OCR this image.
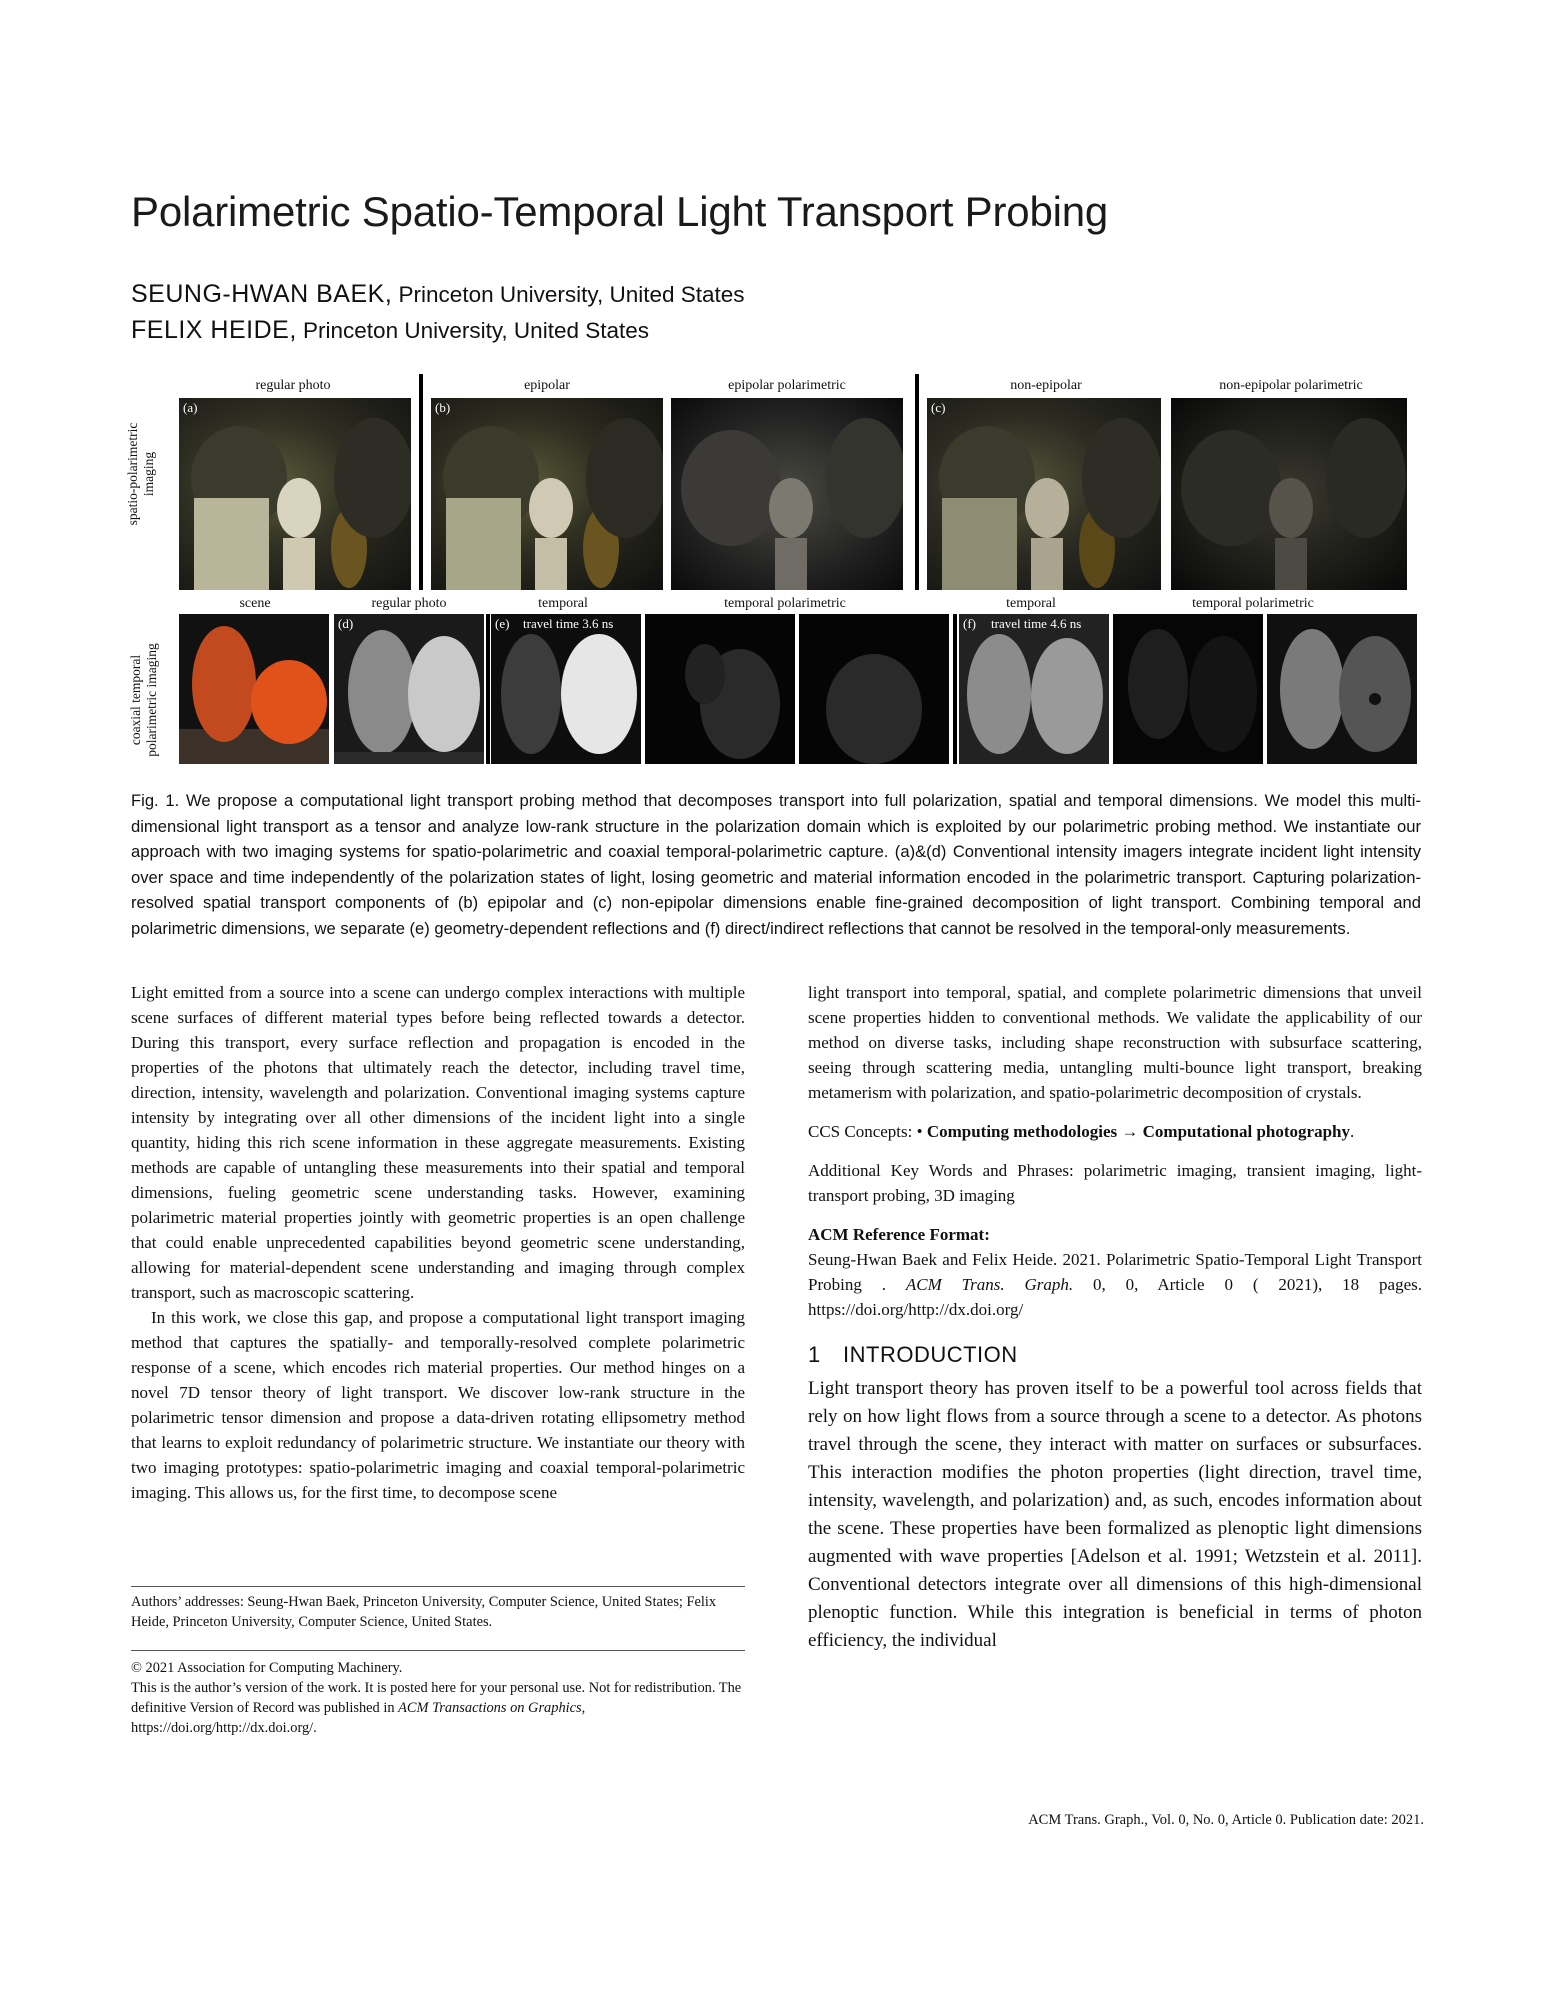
Polarimetric Spatio-Temporal Light Transport Probing
SEUNG-HWAN BAEK, Princeton University, United States
FELIX HEIDE, Princeton University, United States
spatio-polarimetric imaging
coaxial temporal polarimetric imaging
regular photo	epipolar	epipolar polarimetric	non-epipolar	non-epipolar polarimetric
(a)	(b)	(c)
scene	regular photo	temporal	temporal polarimetric	temporal	temporal polarimetric
(d)	(e) travel time 3.6 ns	(f) travel time 4.6 ns
Fig. 1. We propose a computational light transport probing method that decomposes transport into full polarization, spatial and temporal dimensions. We model this multi-dimensional light transport as a tensor and analyze low-rank structure in the polarization domain which is exploited by our polarimetric probing method. We instantiate our approach with two imaging systems for spatio-polarimetric and coaxial temporal-polarimetric capture. (a)&(d) Conventional intensity imagers integrate incident light intensity over space and time independently of the polarization states of light, losing geometric and material information encoded in the polarimetric transport. Capturing polarization-resolved spatial transport components of (b) epipolar and (c) non-epipolar dimensions enable fine-grained decomposition of light transport. Combining temporal and polarimetric dimensions, we separate (e) geometry-dependent reflections and (f) direct/indirect reflections that cannot be resolved in the temporal-only measurements.

Light emitted from a source into a scene can undergo complex interactions with multiple scene surfaces of different material types before being reflected towards a detector. During this transport, every surface reflection and propagation is encoded in the properties of the photons that ultimately reach the detector, including travel time, direction, intensity, wavelength and polarization. Conventional imaging systems capture intensity by integrating over all other dimensions of the incident light into a single quantity, hiding this rich scene information in these aggregate measurements. Existing methods are capable of untangling these measurements into their spatial and temporal dimensions, fueling geometric scene understanding tasks. However, examining polarimetric material properties jointly with geometric properties is an open challenge that could enable unprecedented capabilities beyond geometric scene understanding, allowing for material-dependent scene understanding and imaging through complex transport, such as macroscopic scattering.

In this work, we close this gap, and propose a computational light transport imaging method that captures the spatially- and temporally-resolved complete polarimetric response of a scene, which encodes rich material properties. Our method hinges on a novel 7D tensor theory of light transport. We discover low-rank structure in the polarimetric tensor dimension and propose a data-driven rotating ellipsometry method that learns to exploit redundancy of polarimetric structure. We instantiate our theory with two imaging prototypes: spatio-polarimetric imaging and coaxial temporal-polarimetric imaging. This allows us, for the first time, to decompose scene

Authors’ addresses: Seung-Hwan Baek, Princeton University, Computer Science, United States; Felix Heide, Princeton University, Computer Science, United States.
© 2021 Association for Computing Machinery.
This is the author’s version of the work. It is posted here for your personal use. Not for redistribution. The definitive Version of Record was published in ACM Transactions on Graphics, https://doi.org/http://dx.doi.org/.

light transport into temporal, spatial, and complete polarimetric dimensions that unveil scene properties hidden to conventional methods. We validate the applicability of our method on diverse tasks, including shape reconstruction with subsurface scattering, seeing through scattering media, untangling multi-bounce light transport, breaking metamerism with polarization, and spatio-polarimetric decomposition of crystals.

CCS Concepts: • Computing methodologies → Computational photography.

Additional Key Words and Phrases: polarimetric imaging, transient imaging, light-transport probing, 3D imaging

ACM Reference Format:

Seung-Hwan Baek and Felix Heide. 2021. Polarimetric Spatio-Temporal Light Transport Probing . ACM Trans. Graph. 0, 0, Article 0 ( 2021), 18 pages. https://doi.org/http://dx.doi.org/

1 INTRODUCTION

Light transport theory has proven itself to be a powerful tool across fields that rely on how light flows from a source through a scene to a detector. As photons travel through the scene, they interact with matter on surfaces or subsurfaces. This interaction modifies the photon properties (light direction, travel time, intensity, wavelength, and polarization) and, as such, encodes information about the scene. These properties have been formalized as plenoptic light dimensions augmented with wave properties [Adelson et al. 1991; Wetzstein et al. 2011]. Conventional detectors integrate over all dimensions of this high-dimensional plenoptic function. While this integration is beneficial in terms of photon efficiency, the individual

ACM Trans. Graph., Vol. 0, No. 0, Article 0. Publication date: 2021.
